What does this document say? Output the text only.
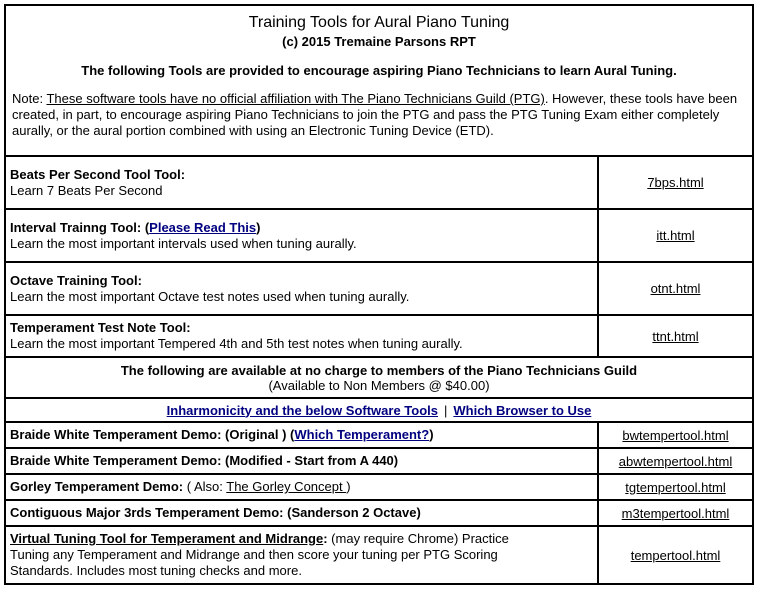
Training Tools for Aural Piano Tuning
(c) 2015 Tremaine Parsons RPT
The following Tools are provided to encourage aspiring Piano Technicians to learn Aural Tuning.
Note: These software tools have no official affiliation with The Piano Technicians Guild (PTG). However, these tools have been created, in part, to encourage aspiring Piano Technicians to join the PTG and pass the PTG Tuning Exam either completely aurally, or the aural portion combined with using an Electronic Tuning Device (ETD).	

Beats Per Second Tool Tool:
Learn 7 Beats Per Second	7bps.html

Interval Trainng Tool: (Please Read This)
Learn the most important intervals used when tuning aurally.	itt.html

Octave Training Tool:
Learn the most important Octave test notes used when tuning aurally.	otnt.html

Temperament Test Note Tool:
Learn the most important Tempered 4th and 5th test notes when tuning aurally.	ttnt.html

The following are available at no charge to members of the Piano Technicians Guild
(Available to Non Members @ $40.00)	

Inharmonicity and the below Software Tools | Which Browser to Use	
Braide White Temperament Demo: (Original ) (Which Temperament?)	bwtempertool.html
Braide White Temperament Demo: (Modified - Start from A 440)	abwtempertool.html
Gorley Temperament Demo: ( Also: The Gorley Concept )	tgtempertool.html
Contiguous Major 3rds Temperament Demo: (Sanderson 2 Octave)	m3tempertool.html
Virtual Tuning Tool for Temperament and Midrange: (may require Chrome) Practice Tuning any Temperament and Midrange and then score your tuning per PTG Scoring Standards. Includes most tuning checks and more.	tempertool.html
